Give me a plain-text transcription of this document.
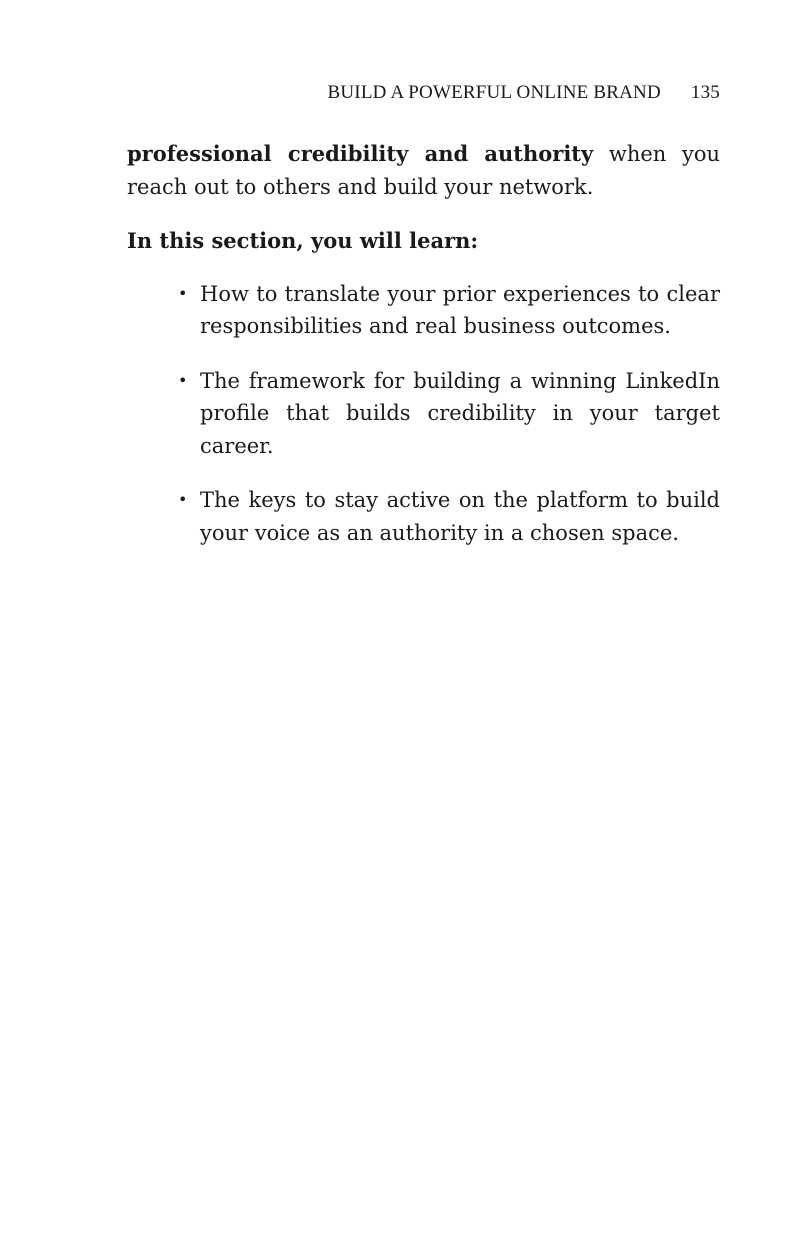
BUILD A POWERFUL ONLINE BRAND 135

professional credibility and authority when you reach out to others and build your network.

In this section, you will learn:

• How to translate your prior experiences to clear responsibilities and real business outcomes.
• The framework for building a winning LinkedIn profile that builds credibility in your target career.
• The keys to stay active on the platform to build your voice as an authority in a chosen space.
